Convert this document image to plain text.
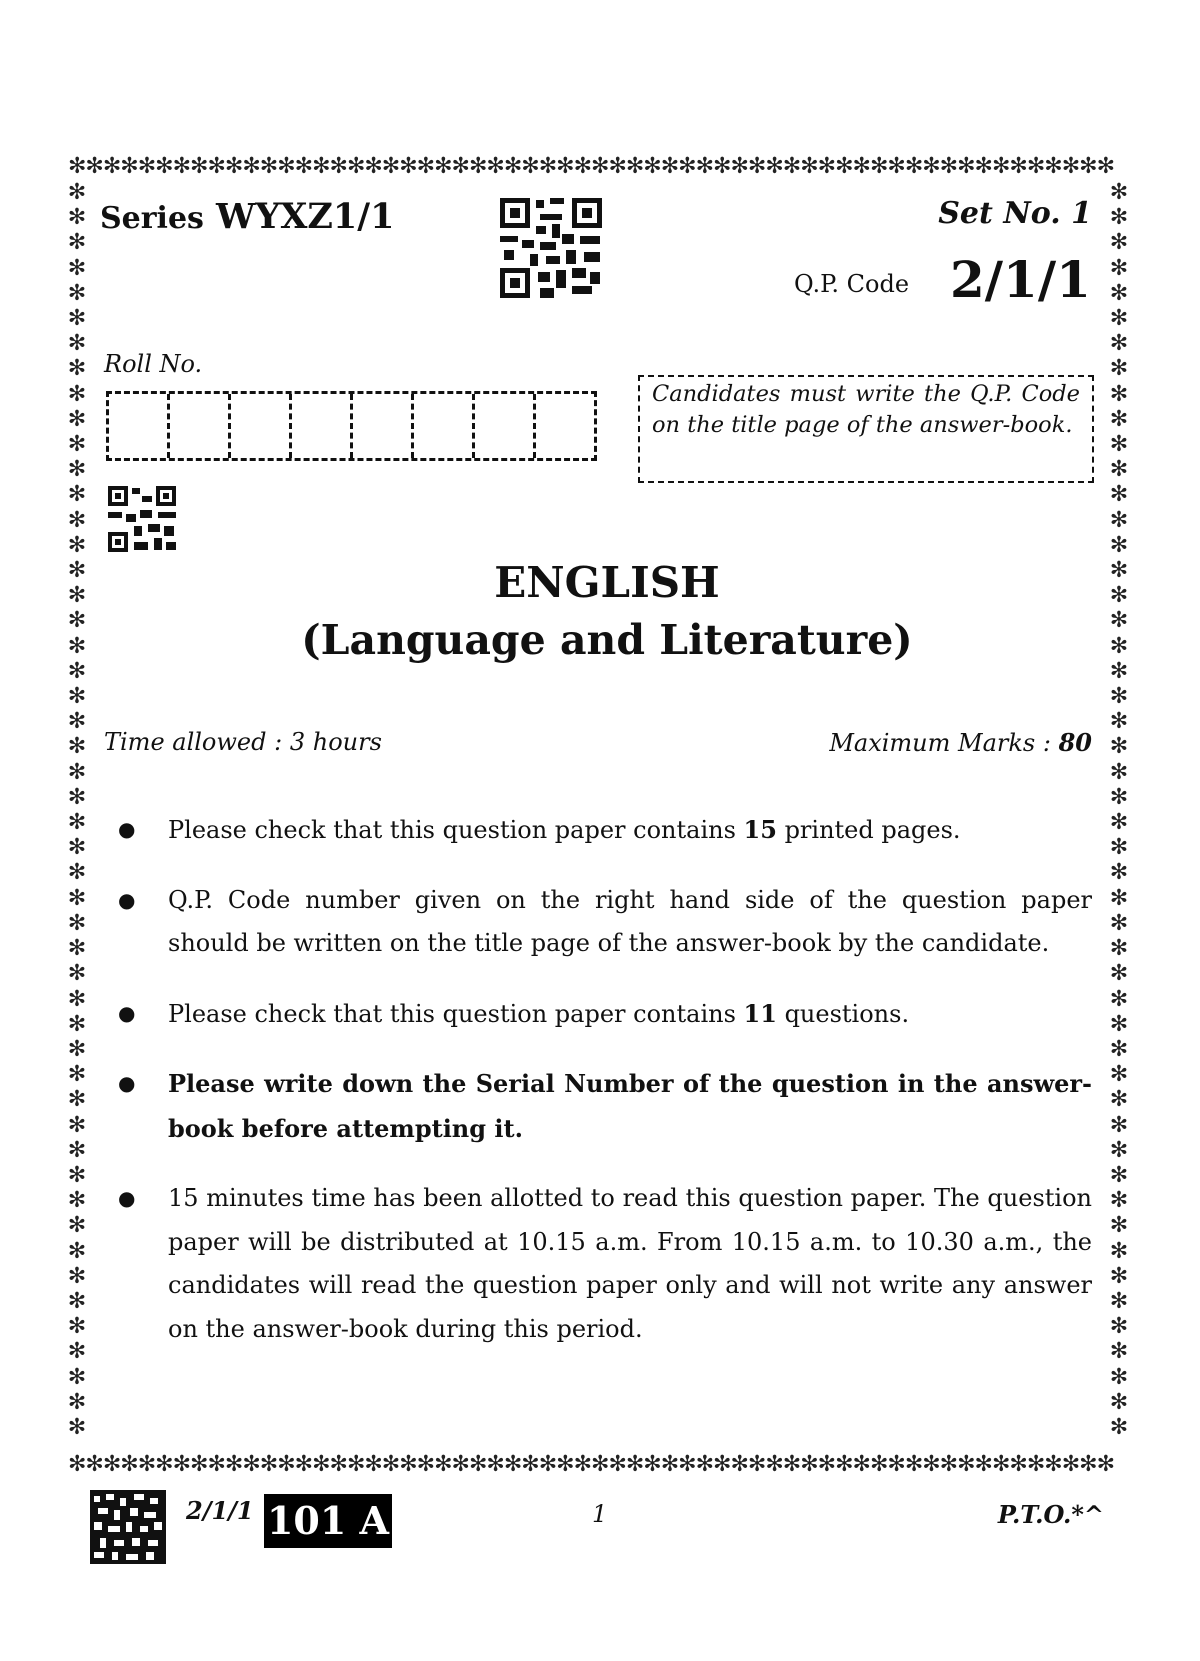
✻✻✻✻✻✻✻✻✻✻✻✻✻✻✻✻✻✻✻✻✻✻✻✻✻✻✻✻✻✻✻✻✻✻✻✻✻✻✻✻✻✻✻✻✻✻✻✻✻✻✻✻✻✻✻✻✻✻✻✻
✻✻✻✻✻✻✻✻✻✻✻✻✻✻✻✻✻✻✻✻✻✻✻✻✻✻✻✻✻✻✻✻✻✻✻✻✻✻✻✻✻✻✻✻✻✻✻✻✻✻✻✻✻✻✻✻✻✻✻✻
✻
✻
✻
✻
✻
✻
✻
✻
✻
✻
✻
✻
✻
✻
✻
✻
✻
✻
✻
✻
✻
✻
✻
✻
✻
✻
✻
✻
✻
✻
✻
✻
✻
✻
✻
✻
✻
✻
✻
✻
✻
✻
✻
✻
✻
✻
✻
✻
✻
✻
✻
✻
✻
✻
✻
✻
✻
✻
✻
✻
✻
✻
✻
✻
✻
✻
✻
✻
✻
✻
✻
✻
✻
✻
✻
✻
✻
✻
✻
✻
✻
✻
✻
✻
✻
✻
✻
✻
✻
✻
✻
✻
✻
✻
✻
✻
✻
✻
✻
✻
Series WYXZ1/1	Set No. 1
Q.P. Code 2/1/1
Roll No.
Candidates must write the Q.P. Code on the title page of the answer-book.
ENGLISH
(Language and Literature)
Time allowed : 3 hours	Maximum Marks : 80
● Please check that this question paper contains 15 printed pages.
● Q.P. Code number given on the right hand side of the question paper should be written on the title page of the answer-book by the candidate.
● Please check that this question paper contains 11 questions.
● Please write down the Serial Number of the question in the answer-book before attempting it.
● 15 minutes time has been allotted to read this question paper. The question paper will be distributed at 10.15 a.m. From 10.15 a.m. to 10.30 a.m., the candidates will read the question paper only and will not write any answer on the answer-book during this period.
2/1/1 101 A	1	P.T.O.*^
